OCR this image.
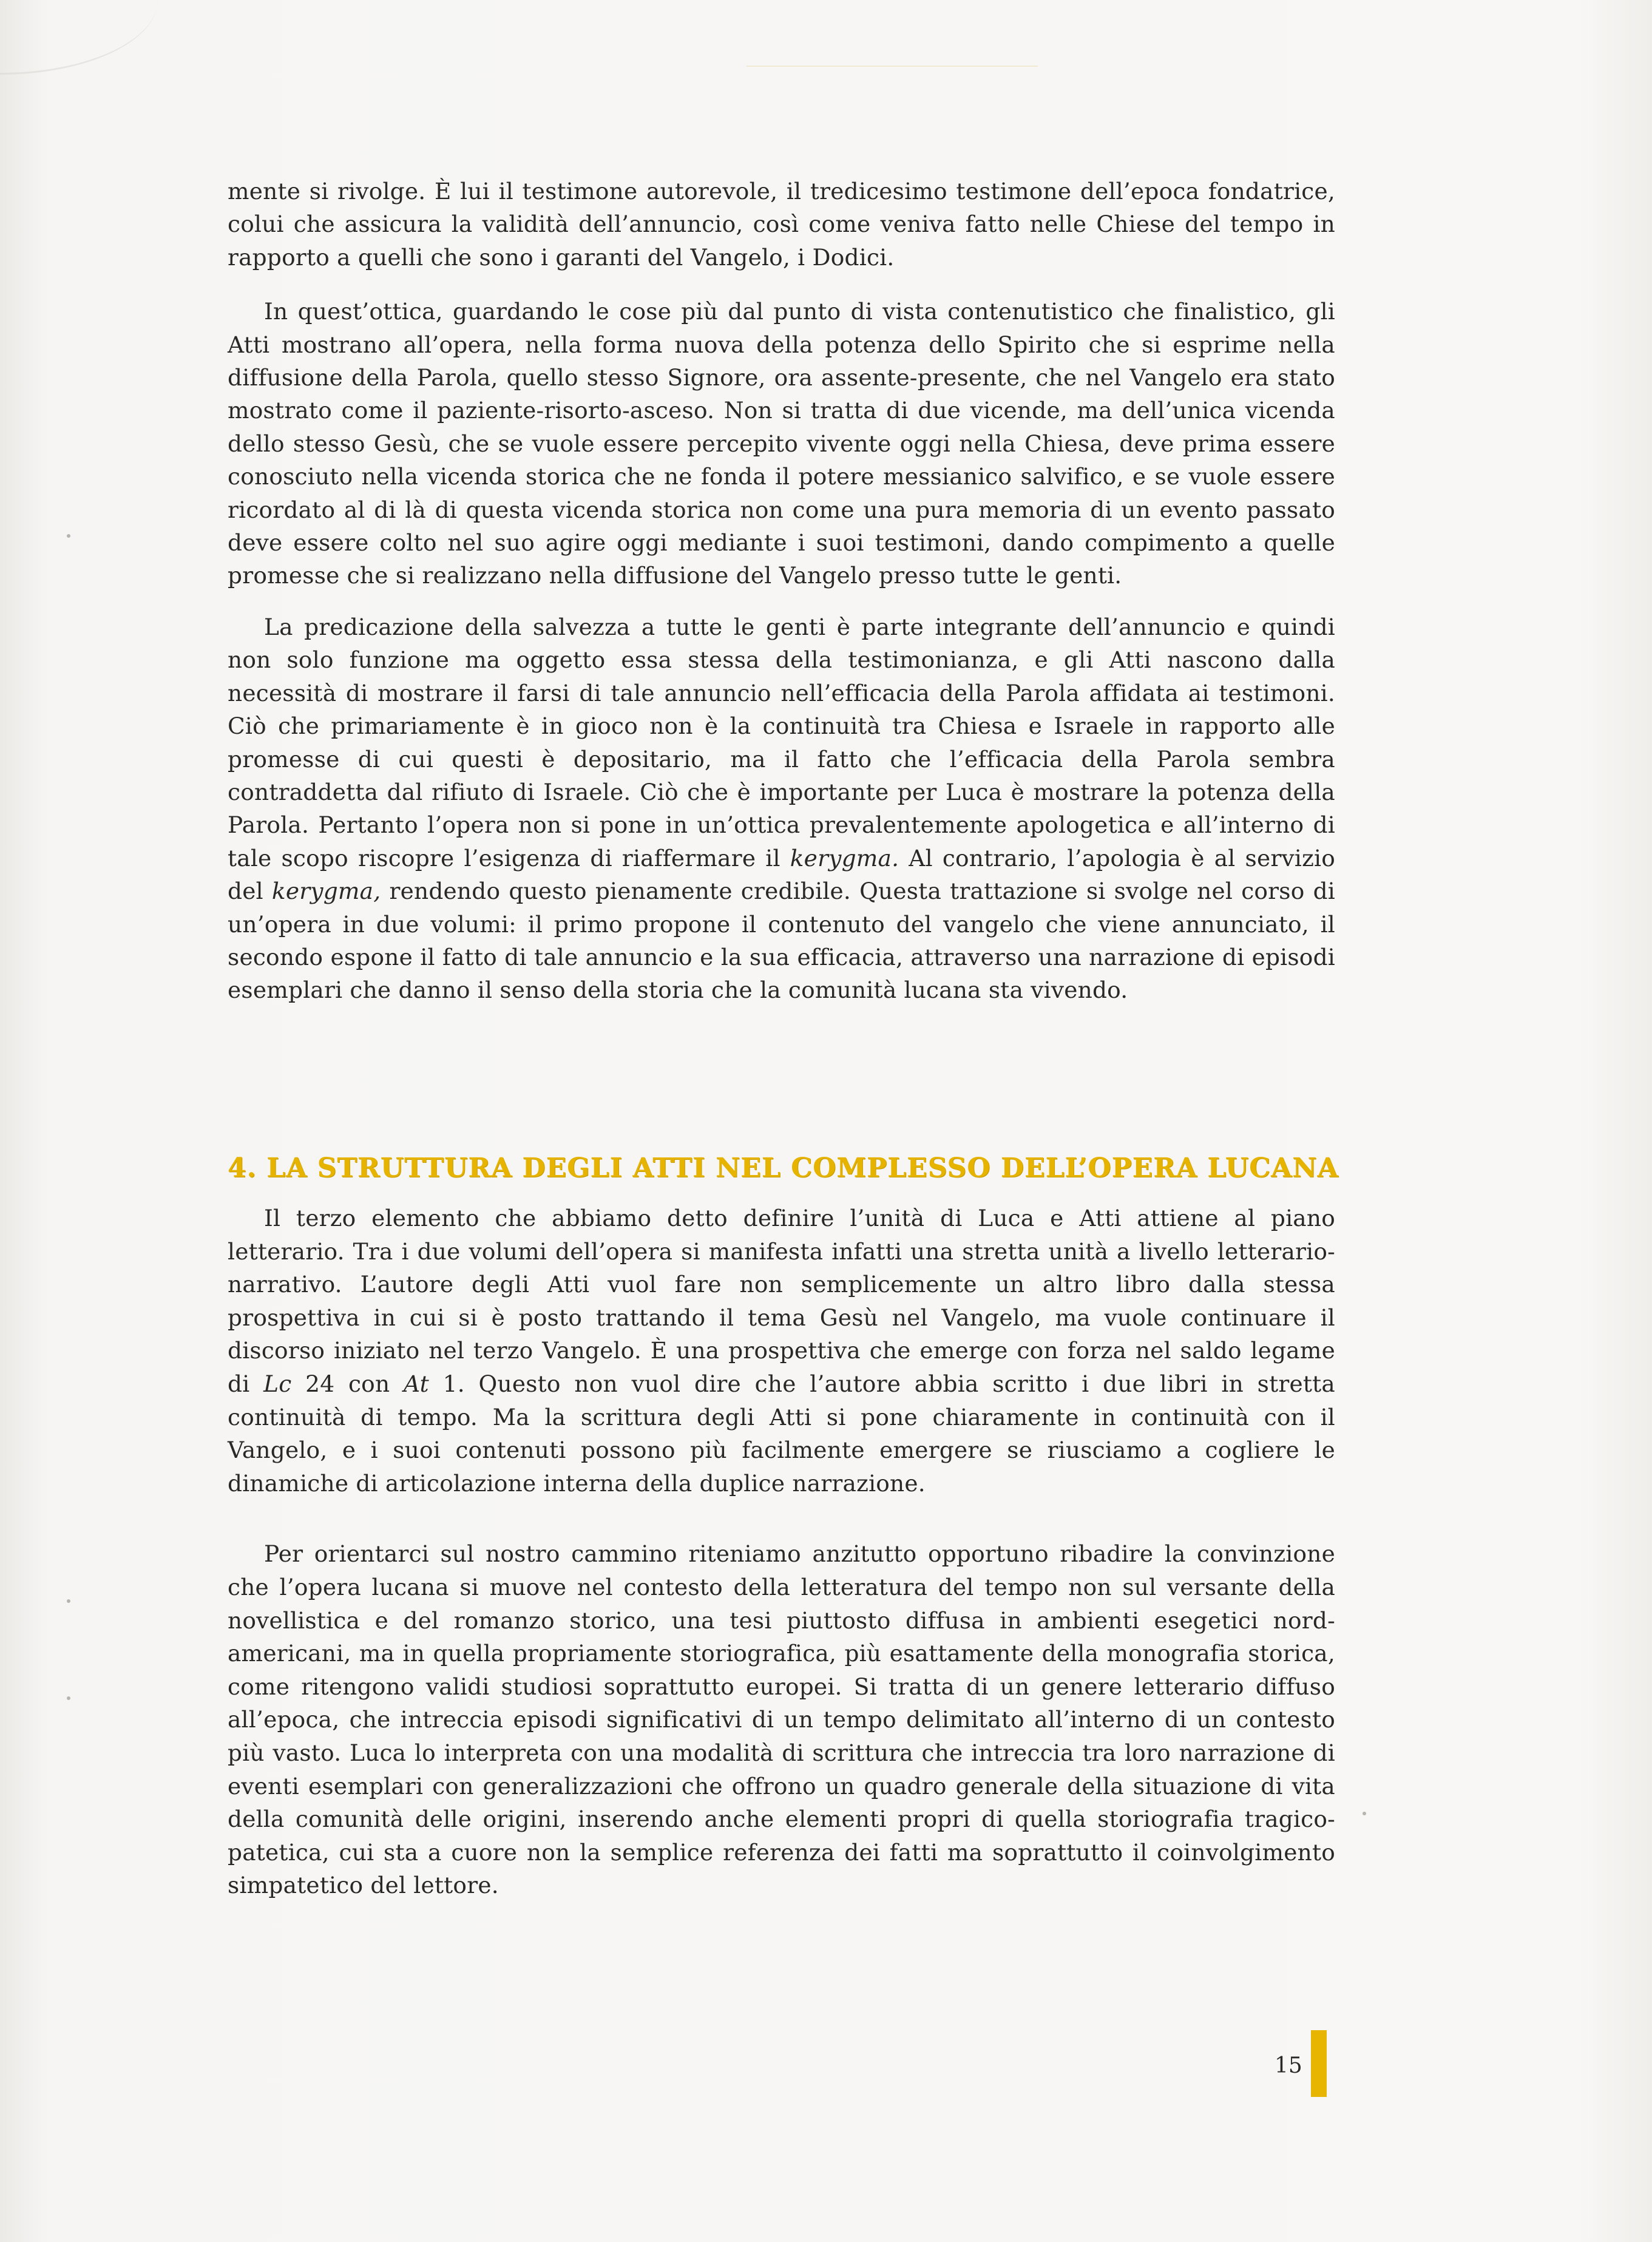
mente si rivolge. È lui il testimone autorevole, il tredicesimo testimone dell’epoca fondatrice, colui che assicura la validità dell’annuncio, così come veniva fatto nelle Chiese del tempo in rapporto a quelli che sono i garanti del Vangelo, i Dodici.

In quest’ottica, guardando le cose più dal punto di vista contenutistico che finalistico, gli Atti mostrano all’opera, nella forma nuova della potenza dello Spirito che si esprime nella diffusione della Parola, quello stesso Signore, ora assente-presente, che nel Vangelo era stato mostrato come il paziente-risorto-asceso. Non si tratta di due vicende, ma dell’unica vicenda dello stesso Gesù, che se vuole essere percepito vivente oggi nella Chiesa, deve prima essere conosciuto nella vicenda storica che ne fonda il potere messianico salvifico, e se vuole essere ricordato al di là di questa vicenda storica non come una pura memoria di un evento passato deve essere colto nel suo agire oggi mediante i suoi testimoni, dando compimento a quelle promesse che si realizzano nella diffusione del Vangelo presso tutte le genti.

La predicazione della salvezza a tutte le genti è parte integrante dell’annuncio e quindi non solo funzione ma oggetto essa stessa della testimonianza, e gli Atti nascono dalla necessità di mostrare il farsi di tale annuncio nell’efficacia della Parola affidata ai testimoni. Ciò che primariamente è in gioco non è la continuità tra Chiesa e Israele in rapporto alle promesse di cui questi è depositario, ma il fatto che l’efficacia della Parola sembra contraddetta dal rifiuto di Israele. Ciò che è importante per Luca è mostrare la potenza della Parola. Pertanto l’opera non si pone in un’ottica prevalentemente apologetica e all’interno di tale scopo riscopre l’esigenza di riaffermare il kerygma. Al contrario, l’apologia è al servizio del kerygma, rendendo questo pienamente credibile. Questa trattazione si svolge nel corso di un’opera in due volumi: il primo propone il contenuto del vangelo che viene annunciato, il secondo espone il fatto di tale annuncio e la sua efficacia, attraverso una narrazione di episodi esemplari che danno il senso della storia che la comunità lucana sta vivendo.

4. LA STRUTTURA DEGLI ATTI NEL COMPLESSO DELL’OPERA LUCANA

Il terzo elemento che abbiamo detto definire l’unità di Luca e Atti attiene al piano letterario. Tra i due volumi dell’opera si manifesta infatti una stretta unità a livello letterario-narrativo. L’autore degli Atti vuol fare non semplicemente un altro libro dalla stessa prospettiva in cui si è posto trattando il tema Gesù nel Vangelo, ma vuole continuare il discorso iniziato nel terzo Vangelo. È una prospettiva che emerge con forza nel saldo legame di Lc 24 con At 1. Questo non vuol dire che l’autore abbia scritto i due libri in stretta continuità di tempo. Ma la scrittura degli Atti si pone chiaramente in continuità con il Vangelo, e i suoi contenuti possono più facilmente emergere se riusciamo a cogliere le dinamiche di articolazione interna della duplice narrazione.

Per orientarci sul nostro cammino riteniamo anzitutto opportuno ribadire la convinzione che l’opera lucana si muove nel contesto della letteratura del tempo non sul versante della novellistica e del romanzo storico, una tesi piuttosto diffusa in ambienti esegetici nord-americani, ma in quella propriamente storiografica, più esattamente della monografia storica, come ritengono validi studiosi soprattutto europei. Si tratta di un genere letterario diffuso all’epoca, che intreccia episodi significativi di un tempo delimitato all’interno di un contesto più vasto. Luca lo interpreta con una modalità di scrittura che intreccia tra loro narrazione di eventi esemplari con generalizzazioni che offrono un quadro generale della situazione di vita della comunità delle origini, inserendo anche elementi propri di quella storiografia tragico-patetica, cui sta a cuore non la semplice referenza dei fatti ma soprattutto il coinvolgimento simpatetico del lettore.

15
